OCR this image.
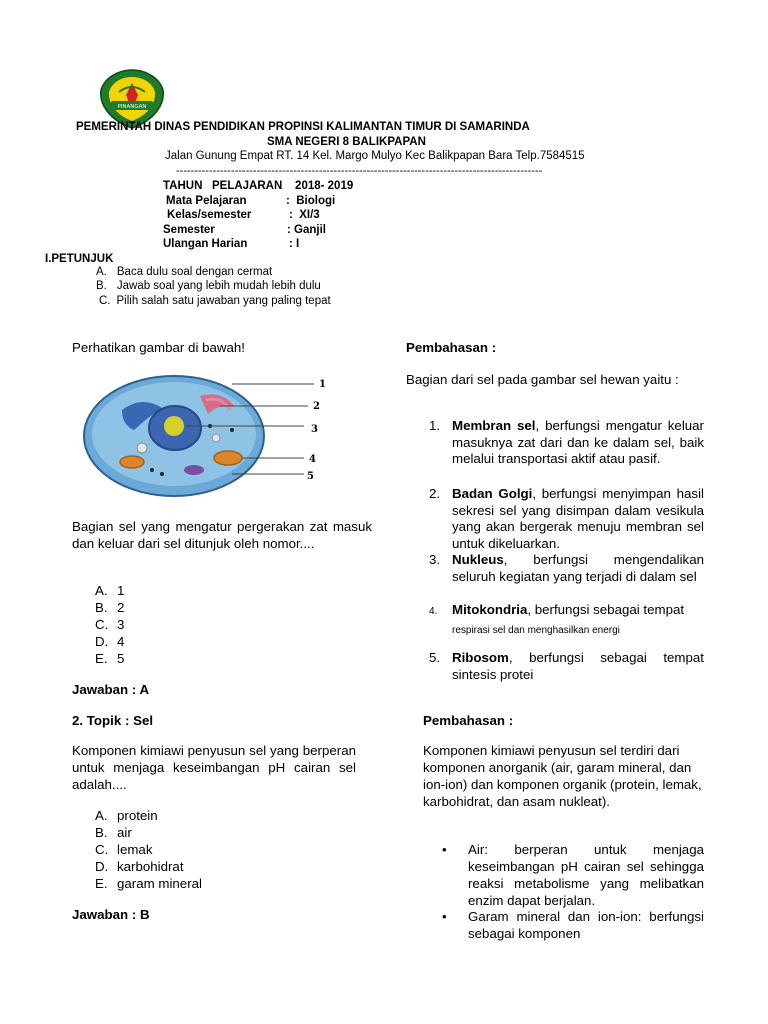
PINANGAN
PEMERINTAH DINAS PENDIDIKAN PROPINSI KALIMANTAN TIMUR DI SAMARINDA
SMA NEGERI 8 BALIKPAPAN
Jalan Gunung Empat RT. 14 Kel. Margo Mulyo Kec Balikpapan Bara Telp.7584515
----------------------------------------------------------------------------------------------------
TAHUN   PELAJARAN    2018- 2019
Mata Pelajaran	:  Biologi
Kelas/semester	:  XI/3
Semester	: Ganjil
Ulangan Harian	: I
I.PETUNJUK
A. Baca dulu soal dengan cermat
B. Jawab soal yang lebih mudah lebih dulu
C. Pilih salah satu jawaban yang paling tepat
Perhatikan gambar di bawah!
1
2
3
4
5
Bagian sel yang mengatur pergerakan zat masuk dan keluar dari sel ditunjuk oleh nomor....
A. 1
B. 2
C. 3
D. 4
E. 5
Jawaban : A
2. Topik : Sel
Komponen kimiawi penyusun sel yang berperan untuk menjaga keseimbangan pH cairan sel adalah....
A. protein
B. air
C. lemak
D. karbohidrat
E. garam mineral
Jawaban : B
Pembahasan :
Bagian dari sel pada gambar sel hewan yaitu :
1. Membran sel, berfungsi mengatur keluar masuknya zat dari dan ke dalam sel, baik melalui transportasi aktif atau pasif.
2. Badan Golgi, berfungsi menyimpan hasil sekresi sel yang disimpan dalam vesikula yang akan bergerak menuju membran sel untuk dikeluarkan.
3. Nukleus, berfungsi mengendalikan seluruh kegiatan yang terjadi di dalam sel
4. Mitokondria, berfungsi sebagai tempat respirasi sel dan menghasilkan energi
5. Ribosom, berfungsi sebagai tempat sintesis protei
Pembahasan :
Komponen kimiawi penyusun sel terdiri dari komponen anorganik (air, garam mineral, dan ion-ion) dan komponen organik (protein, lemak, karbohidrat, dan asam nukleat).
• Air: berperan untuk menjaga keseimbangan pH cairan sel sehingga reaksi metabolisme yang melibatkan enzim dapat berjalan.
• Garam mineral dan ion-ion: berfungsi sebagai komponen
